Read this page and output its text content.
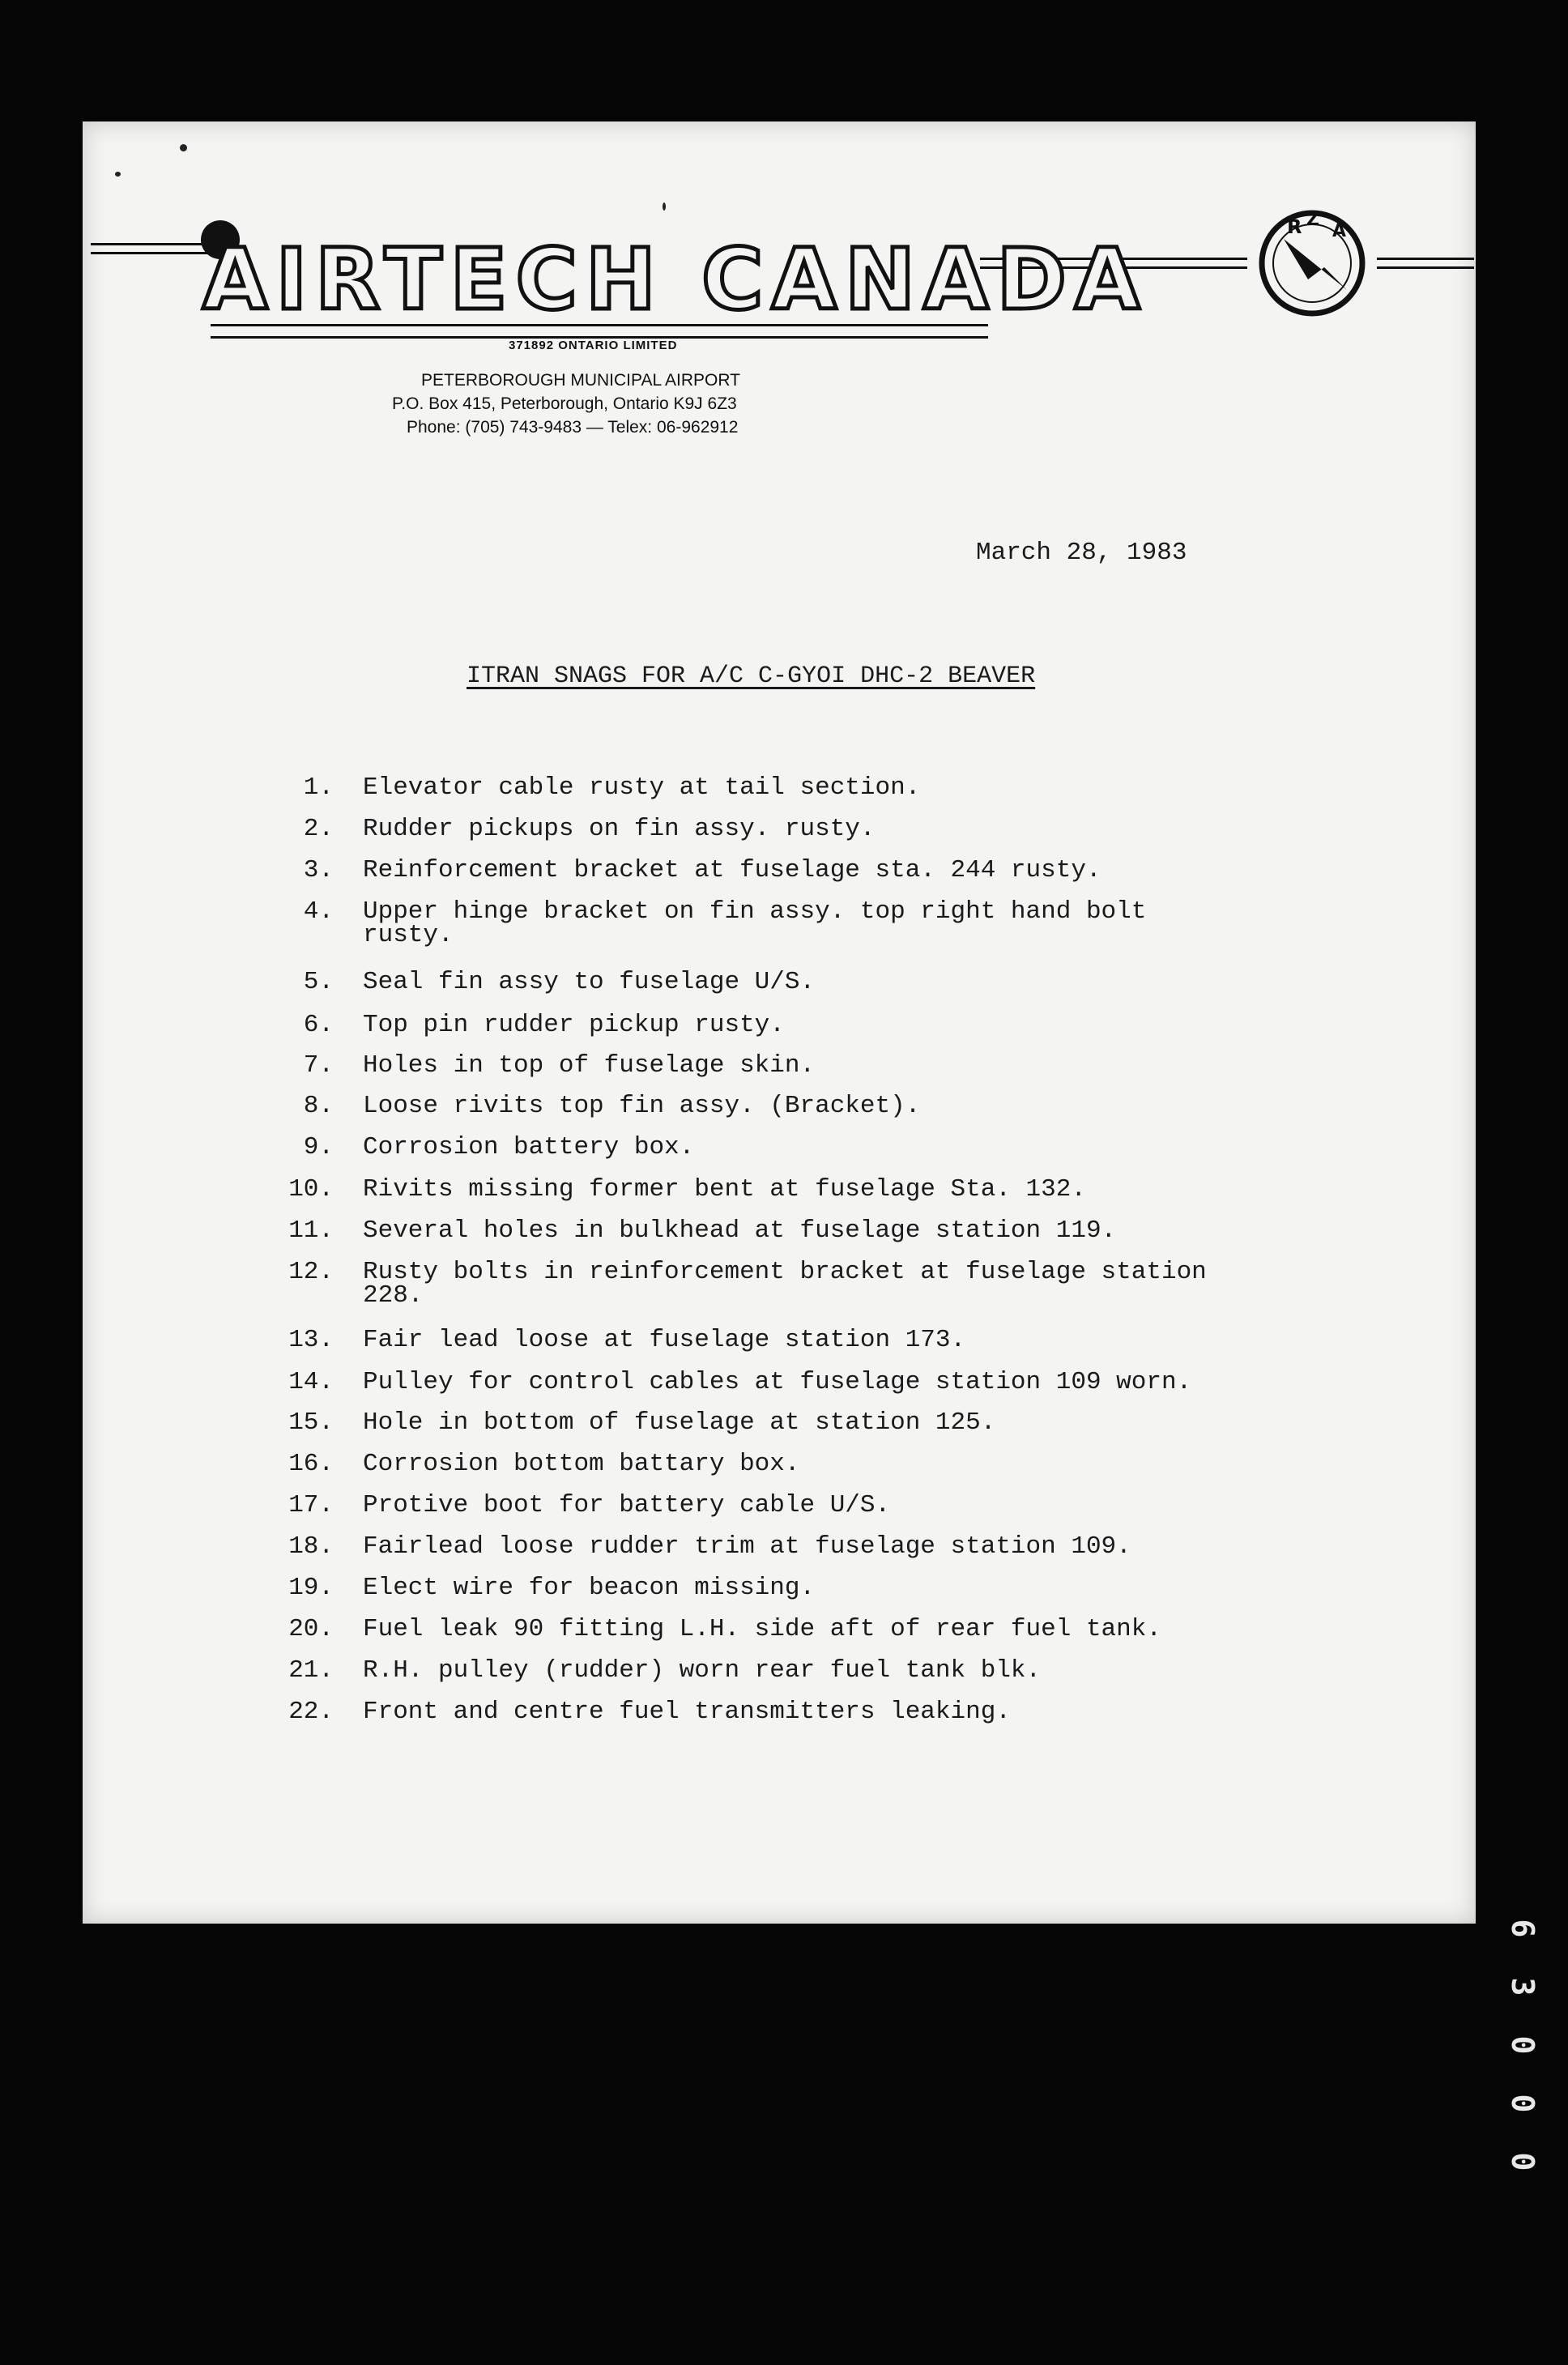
AIRTECH CANADA
R Z
A
371892 ONTARIO LIMITED
PETERBOROUGH MUNICIPAL AIRPORT
P.O. Box 415, Peterborough, Ontario K9J 6Z3
Phone: (705) 743-9483 — Telex: 06-962912
March 28, 1983
ITRAN SNAGS FOR A/C C-GYOI DHC-2 BEAVER
1. Elevator cable rusty at tail section.
2. Rudder pickups on fin assy. rusty.
3. Reinforcement bracket at fuselage sta. 244 rusty.
4. Upper hinge bracket on fin assy. top right hand bolt
rusty.
5. Seal fin assy to fuselage U/S.
6. Top pin rudder pickup rusty.
7. Holes in top of fuselage skin.
8. Loose rivits top fin assy. (Bracket).
9. Corrosion battery box.
10. Rivits missing former bent at fuselage Sta. 132.
11. Several holes in bulkhead at fuselage station 119.
12. Rusty bolts in reinforcement bracket at fuselage station
228.
13. Fair lead loose at fuselage station 173.
14. Pulley for control cables at fuselage station 109 worn.
15. Hole in bottom of fuselage at station 125.
16. Corrosion bottom battary box.
17. Protive boot for battery cable U/S.
18. Fairlead loose rudder trim at fuselage station 109.
19. Elect wire for beacon missing.
20. Fuel leak 90 fitting L.H. side aft of rear fuel tank.
21. R.H. pulley (rudder) worn rear fuel tank blk.
22. Front and centre fuel transmitters leaking.
6
3
0
0
0
